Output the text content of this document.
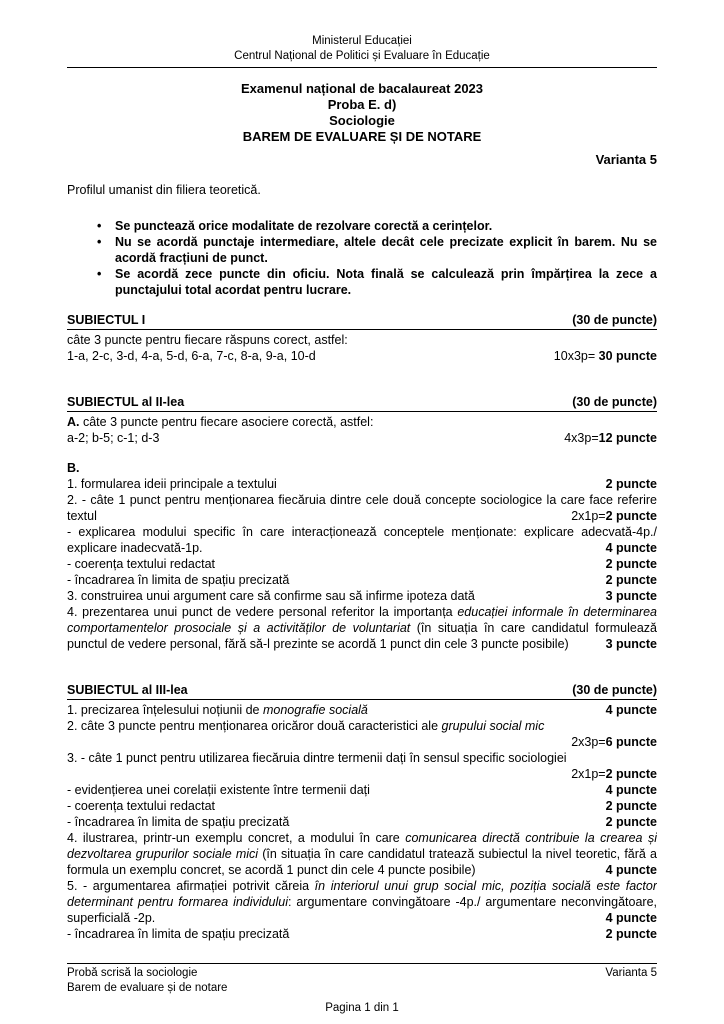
Ministerul Educației
Centrul Național de Politici și Evaluare în Educație
Examenul național de bacalaureat 2023
Proba E. d)
Sociologie
BAREM DE EVALUARE ȘI DE NOTARE
Varianta 5
Profilul umanist din filiera teoretică.
•	Se punctează orice modalitate de rezolvare corectă a cerințelor.
•	Nu se acordă punctaje intermediare, altele decât cele precizate explicit în barem. Nu se acordă fracțiuni de punct.
•	Se acordă zece puncte din oficiu. Nota finală se calculează prin împărțirea la zece a punctajului total acordat pentru lucrare.
SUBIECTUL I	(30 de puncte)
câte 3 puncte pentru fiecare răspuns corect, astfel:
1-a, 2-c, 3-d, 4-a, 5-d, 6-a, 7-c, 8-a, 9-a, 10-d	10x3p= 30 puncte
SUBIECTUL al II-lea	(30 de puncte)
A. câte 3 puncte pentru fiecare asociere corectă, astfel:
a-2; b-5; c-1; d-3	4x3p=12 puncte
B.
1. formularea ideii principale a textului	2 puncte
2. - câte 1 punct pentru menționarea fiecăruia dintre cele două concepte sociologice la care face referire textul	2x1p=2 puncte
- explicarea modului specific în care interacționează conceptele menționate: explicare adecvată-4p./ explicare inadecvată-1p.	4 puncte
- coerența textului redactat	2 puncte
- încadrarea în limita de spațiu precizată	2 puncte
3. construirea unui argument care să confirme sau să infirme ipoteza dată	3 puncte
4. prezentarea unui punct de vedere personal referitor la importanța educației informale în determinarea comportamentelor prosociale și a activităților de voluntariat (în situația în care candidatul formulează punctul de vedere personal, fără să-l prezinte se acordă 1 punct din cele 3 puncte posibile)	3 puncte
SUBIECTUL al III-lea	(30 de puncte)
1. precizarea înțelesului noțiunii de monografie socială	4 puncte
2. câte 3 puncte pentru menționarea oricăror două caracteristici ale grupului social mic
2x3p=6 puncte
3. - câte 1 punct pentru utilizarea fiecăruia dintre termenii dați în sensul specific sociologiei
2x1p=2 puncte
- evidențierea unei corelații existente între termenii dați	4 puncte
- coerența textului redactat	2 puncte
- încadrarea în limita de spațiu precizată	2 puncte
4. ilustrarea, printr-un exemplu concret, a modului în care comunicarea directă contribuie la crearea și dezvoltarea grupurilor sociale mici (în situația în care candidatul tratează subiectul la nivel teoretic, fără a formula un exemplu concret, se acordă 1 punct din cele 4 puncte posibile)	4 puncte
5. - argumentarea afirmației potrivit căreia în interiorul unui grup social mic, poziția socială este factor determinant pentru formarea individului: argumentare convingătoare -4p./ argumentare neconvingătoare, superficială -2p.	4 puncte
- încadrarea în limita de spațiu precizată	2 puncte
Probă scrisă la sociologie	Varianta 5
Barem de evaluare și de notare
Pagina 1 din 1
